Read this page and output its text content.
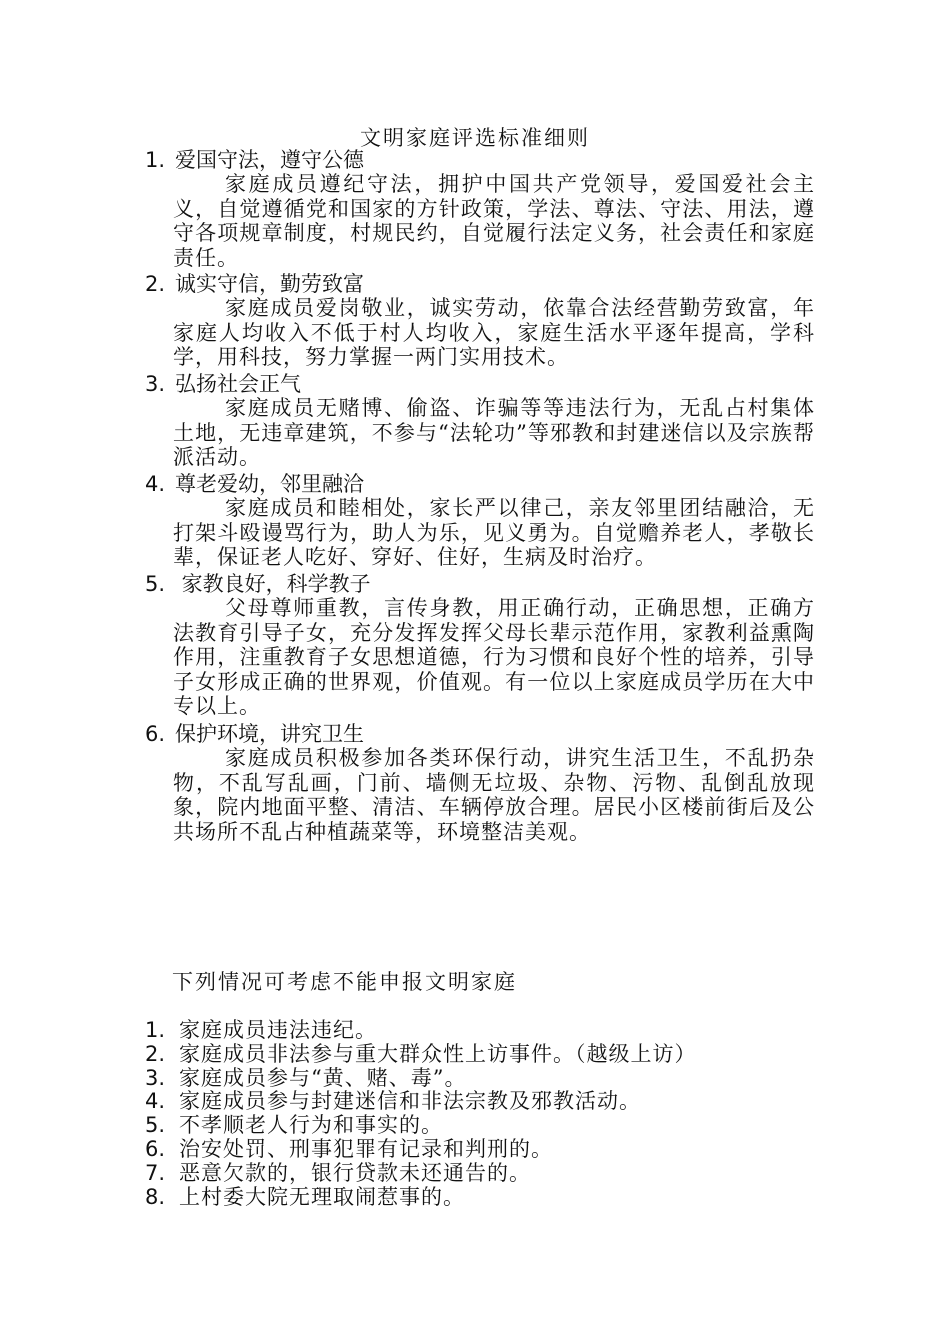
文明家庭评选标准细则
1. 爱国守法，遵守公德
家庭成员遵纪守法，拥护中国共产党领导，爱国爱社会主义，自觉遵循党和国家的方针政策，学法、尊法、守法、用法，遵守各项规章制度，村规民约，自觉履行法定义务，社会责任和家庭责任。
2. 诚实守信，勤劳致富
家庭成员爱岗敬业，诚实劳动，依靠合法经营勤劳致富，年家庭人均收入不低于村人均收入，家庭生活水平逐年提高，学科学，用科技，努力掌握一两门实用技术。
3. 弘扬社会正气
家庭成员无赌博、偷盗、诈骗等等违法行为，无乱占村集体土地，无违章建筑，不参与“法轮功”等邪教和封建迷信以及宗族帮派活动。
4. 尊老爱幼，邻里融洽
家庭成员和睦相处，家长严以律己，亲友邻里团结融洽，无打架斗殴谩骂行为，助人为乐，见义勇为。自觉赡养老人，孝敬长辈，保证老人吃好、穿好、住好，生病及时治疗。
5. 家教良好，科学教子
父母尊师重教，言传身教，用正确行动，正确思想，正确方法教育引导子女，充分发挥发挥父母长辈示范作用，家教利益熏陶作用，注重教育子女思想道德，行为习惯和良好个性的培养，引导子女形成正确的世界观，价值观。有一位以上家庭成员学历在大中专以上。
6. 保护环境，讲究卫生
家庭成员积极参加各类环保行动，讲究生活卫生，不乱扔杂物，不乱写乱画，门前、墙侧无垃圾、杂物、污物、乱倒乱放现象，院内地面平整、清洁、车辆停放合理。居民小区楼前街后及公共场所不乱占种植蔬菜等，环境整洁美观。
下列情况可考虑不能申报文明家庭
1. 家庭成员违法违纪。
2. 家庭成员非法参与重大群众性上访事件。（越级上访）
3. 家庭成员参与“黄、赌、毒”。
4. 家庭成员参与封建迷信和非法宗教及邪教活动。
5. 不孝顺老人行为和事实的。
6. 治安处罚、刑事犯罪有记录和判刑的。
7. 恶意欠款的，银行贷款未还通告的。
8. 上村委大院无理取闹惹事的。
